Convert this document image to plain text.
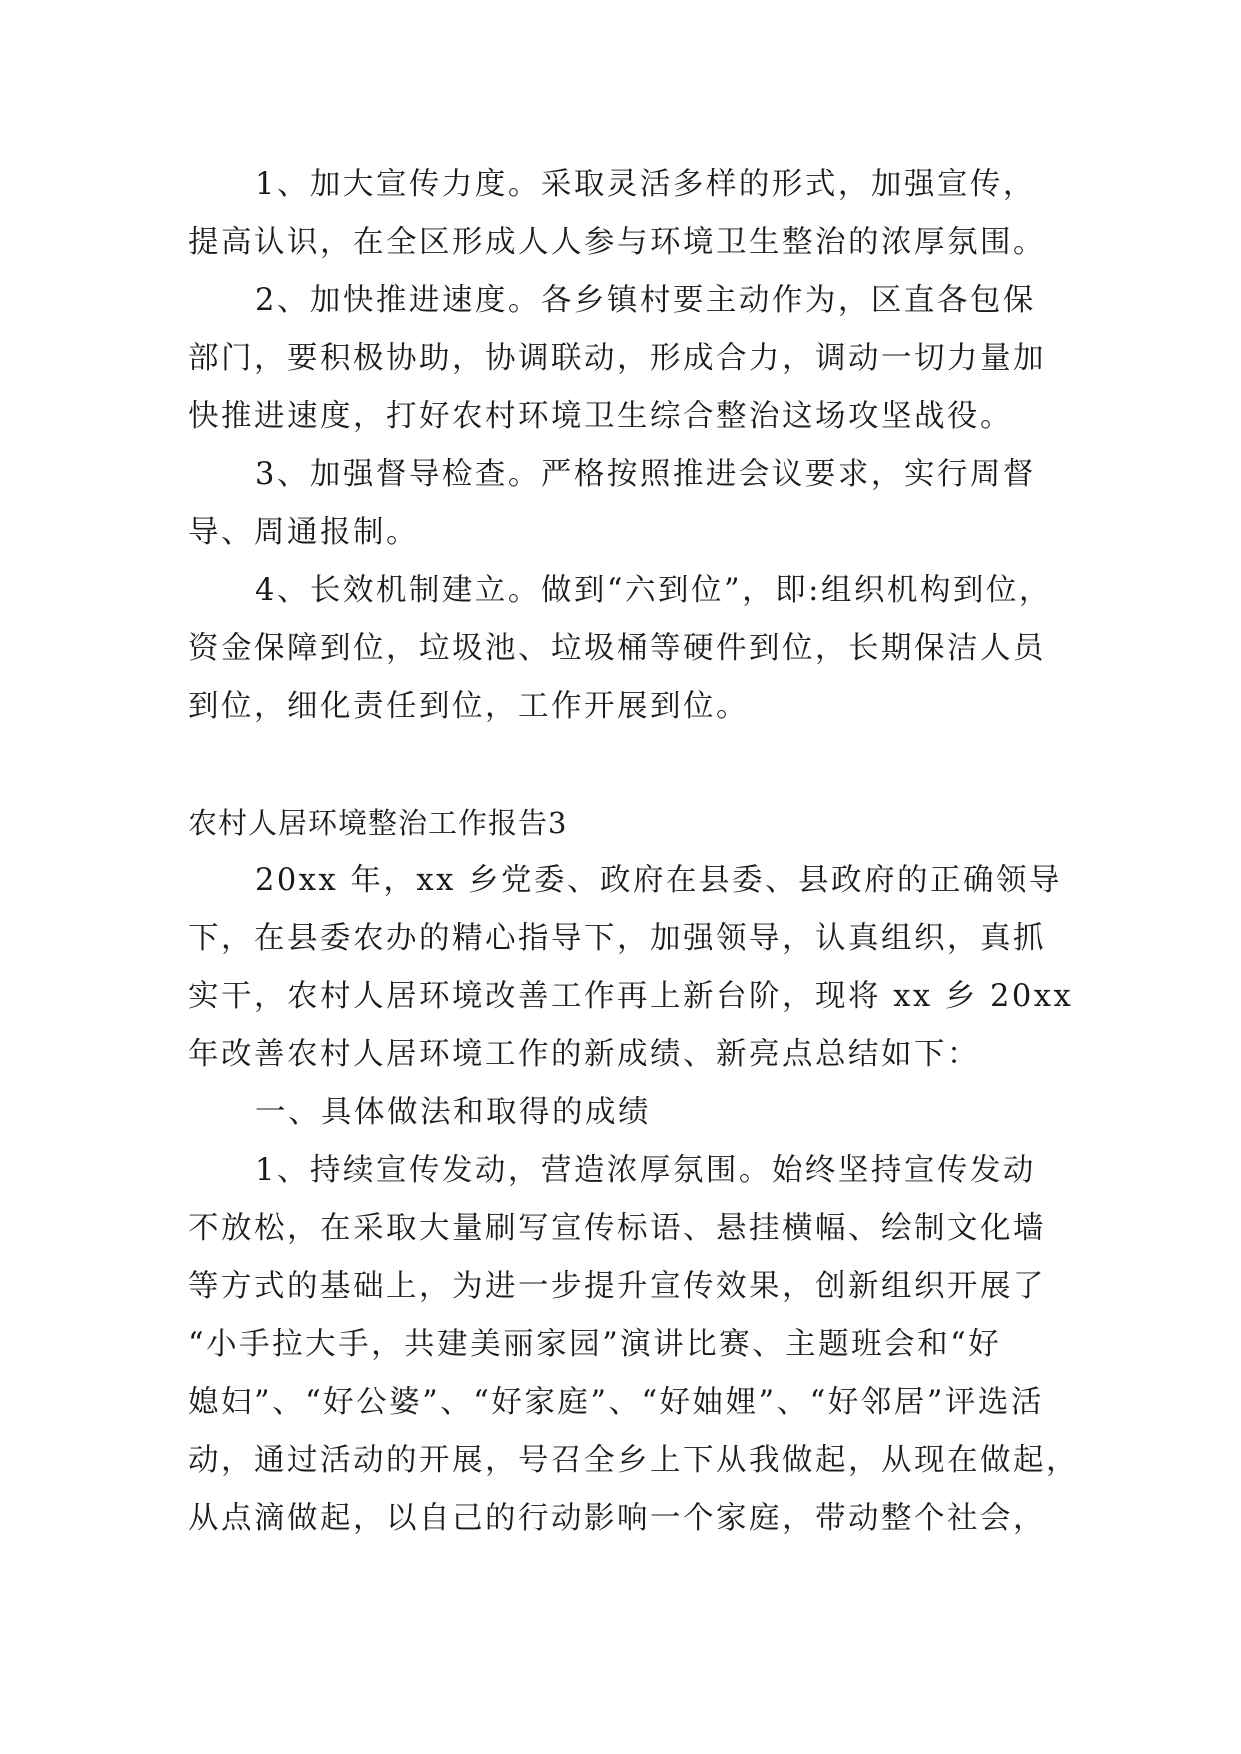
1、加大宣传力度。采取灵活多样的形式，加强宣传，
提高认识，在全区形成人人参与环境卫生整治的浓厚氛围。
2、加快推进速度。各乡镇村要主动作为，区直各包保
部门，要积极协助，协调联动，形成合力，调动一切力量加
快推进速度，打好农村环境卫生综合整治这场攻坚战役。
3、加强督导检查。严格按照推进会议要求，实行周督
导、周通报制。
4、长效机制建立。做到“六到位”，即:组织机构到位，
资金保障到位，垃圾池、垃圾桶等硬件到位，长期保洁人员
到位，细化责任到位，工作开展到位。
农村人居环境整治工作报告3
20xx 年，xx 乡党委、政府在县委、县政府的正确领导
下，在县委农办的精心指导下，加强领导，认真组织，真抓
实干，农村人居环境改善工作再上新台阶，现将 xx 乡 20xx
年改善农村人居环境工作的新成绩、新亮点总结如下：
一、具体做法和取得的成绩
1、持续宣传发动，营造浓厚氛围。始终坚持宣传发动
不放松，在采取大量刷写宣传标语、悬挂横幅、绘制文化墙
等方式的基础上，为进一步提升宣传效果，创新组织开展了
“小手拉大手，共建美丽家园”演讲比赛、主题班会和“好
媳妇”、“好公婆”、“好家庭”、“好妯娌”、“好邻居”评选活
动，通过活动的开展，号召全乡上下从我做起，从现在做起，
从点滴做起，以自己的行动影响一个家庭，带动整个社会，
